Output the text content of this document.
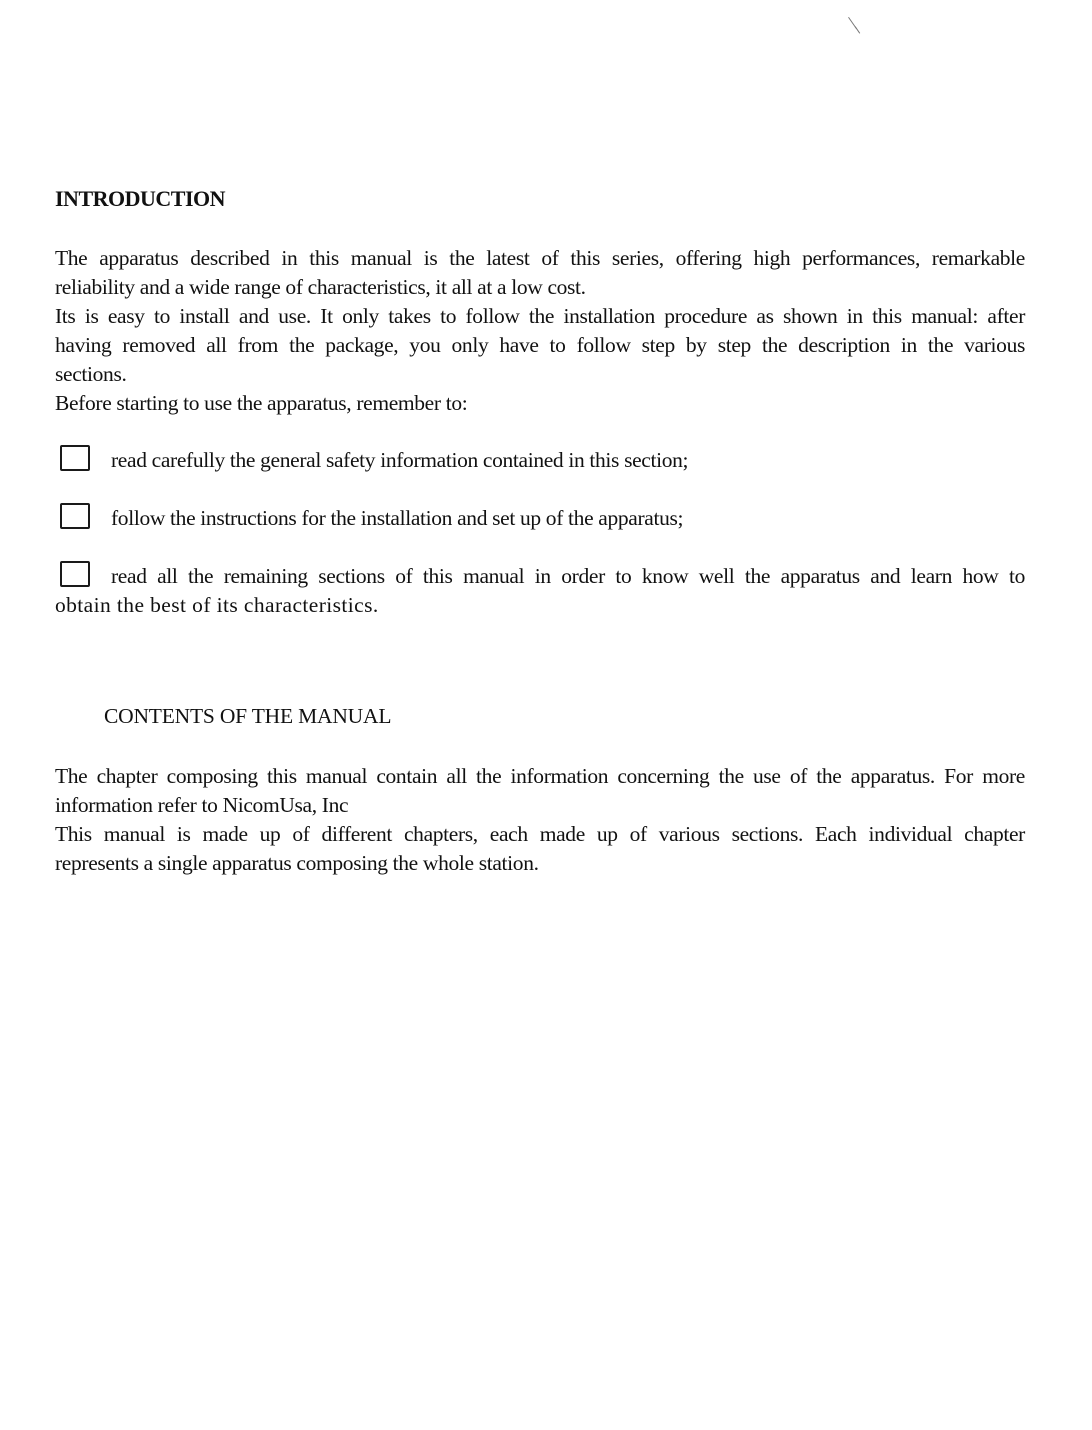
INTRODUCTION
The apparatus described in this manual is the latest of this series, offering high performances, remarkable
reliability and a wide range of characteristics, it all at a low cost.
Its is easy to install and use. It only takes to follow the installation procedure as shown in this manual: after
having removed all from the package, you only have to follow step by step the description in the various
sections.
Before starting to use the apparatus, remember to:
read carefully the general safety information contained in this section;
follow the instructions for the installation and set up of the apparatus;
read all the remaining sections of this manual in order to know well the apparatus and learn how to
obtain the best of its characteristics.
CONTENTS OF THE MANUAL
The chapter composing this manual contain all the information concerning the use of the apparatus. For more
information refer to NicomUsa, Inc
This manual is made up of different chapters, each made up of various sections. Each individual chapter
represents a single apparatus composing the whole station.
